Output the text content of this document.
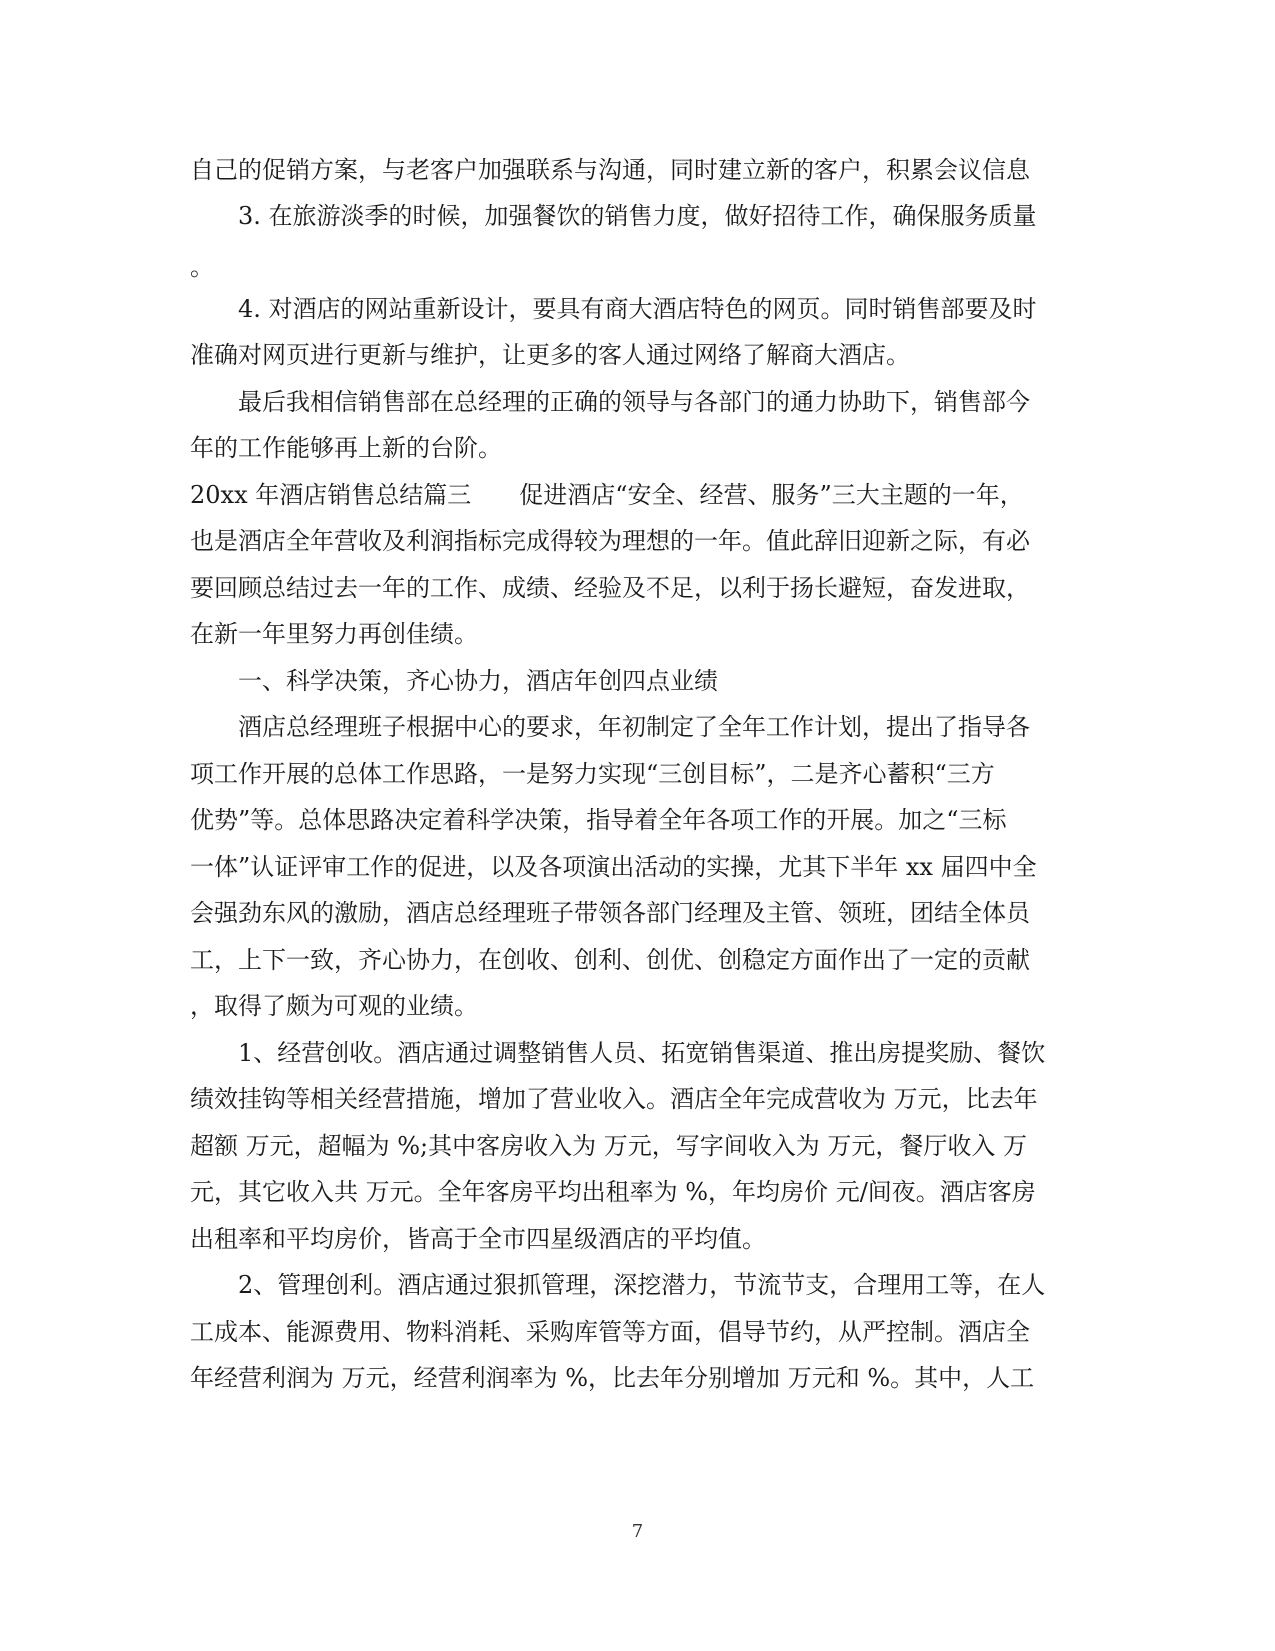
自己的促销方案，与老客户加强联系与沟通，同时建立新的客户，积累会议信息
3. 在旅游淡季的时候，加强餐饮的销售力度，做好招待工作，确保服务质量
。
4. 对酒店的网站重新设计，要具有商大酒店特色的网页。同时销售部要及时
准确对网页进行更新与维护，让更多的客人通过网络了解商大酒店。
最后我相信销售部在总经理的正确的领导与各部门的通力协助下，销售部今
年的工作能够再上新的台阶。
20xx 年酒店销售总结篇三　　促进酒店“安全、经营、服务”三大主题的一年，
也是酒店全年营收及利润指标完成得较为理想的一年。值此辞旧迎新之际，有必
要回顾总结过去一年的工作、成绩、经验及不足，以利于扬长避短，奋发进取，
在新一年里努力再创佳绩。
一、科学决策，齐心协力，酒店年创四点业绩
酒店总经理班子根据中心的要求，年初制定了全年工作计划，提出了指导各
项工作开展的总体工作思路，一是努力实现“三创目标”，二是齐心蓄积“三方
优势”等。总体思路决定着科学决策，指导着全年各项工作的开展。加之“三标
一体”认证评审工作的促进，以及各项演出活动的实操，尤其下半年 xx 届四中全
会强劲东风的激励，酒店总经理班子带领各部门经理及主管、领班，团结全体员
工，上下一致，齐心协力，在创收、创利、创优、创稳定方面作出了一定的贡献
，取得了颇为可观的业绩。
1、经营创收。酒店通过调整销售人员、拓宽销售渠道、推出房提奖励、餐饮
绩效挂钩等相关经营措施，增加了营业收入。酒店全年完成营收为 万元，比去年
超额 万元，超幅为 %;其中客房收入为 万元，写字间收入为 万元，餐厅收入 万
元，其它收入共 万元。全年客房平均出租率为 %，年均房价 元/间夜。酒店客房
出租率和平均房价，皆高于全市四星级酒店的平均值。
2、管理创利。酒店通过狠抓管理，深挖潜力，节流节支，合理用工等，在人
工成本、能源费用、物料消耗、采购库管等方面，倡导节约，从严控制。酒店全
年经营利润为 万元，经营利润率为 %，比去年分别增加 万元和 %。其中，人工
7
